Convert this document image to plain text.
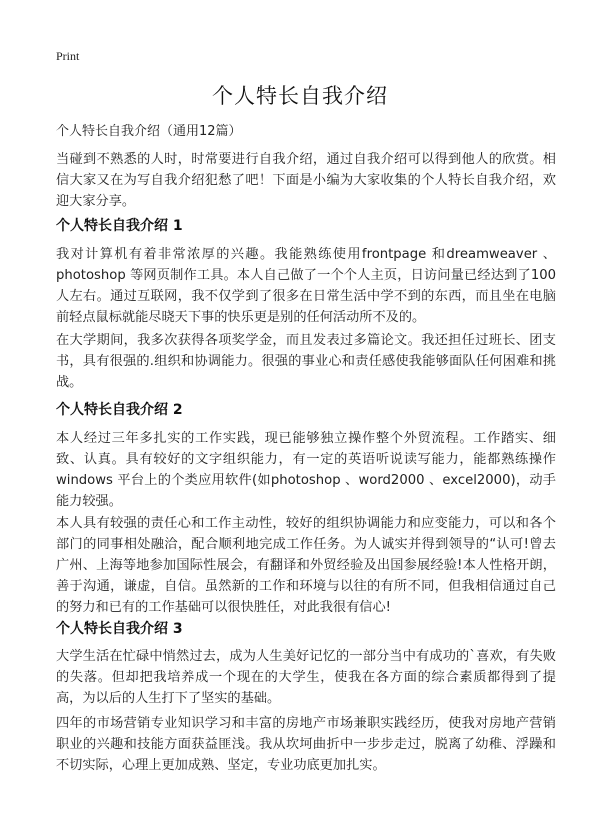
Print
个人特长自我介绍
个人特长自我介绍（通用12篇）

当碰到不熟悉的人时，时常要进行自我介绍，通过自我介绍可以得到他人的欣赏。相信大家又在为写自我介绍犯愁了吧！下面是小编为大家收集的个人特长自我介绍，欢迎大家分享。

个人特长自我介绍 1

我对计算机有着非常浓厚的兴趣。我能熟练使用frontpage 和dreamweaver 、photoshop 等网页制作工具。本人自己做了一个个人主页，日访问量已经达到了100人左右。通过互联网，我不仅学到了很多在日常生活中学不到的东西，而且坐在电脑前轻点鼠标就能尽晓天下事的快乐更是别的任何活动所不及的。

在大学期间，我多次获得各项奖学金，而且发表过多篇论文。我还担任过班长、团支书，具有很强的.组织和协调能力。很强的事业心和责任感使我能够面队任何困难和挑战。

个人特长自我介绍 2

本人经过三年多扎实的工作实践，现已能够独立操作整个外贸流程。工作踏实、细致、认真。具有较好的文字组织能力，有一定的英语听说读写能力，能都熟练操作windows 平台上的个类应用软件(如photoshop 、word2000 、excel2000)，动手能力较强。

本人具有较强的责任心和工作主动性，较好的组织协调能力和应变能力，可以和各个部门的同事相处融洽，配合顺利地完成工作任务。为人诚实并得到领导的“认可!曾去广州、上海等地参加国际性展会，有翻译和外贸经验及出国参展经验!本人性格开朗，善于沟通，谦虚，自信。虽然新的工作和环境与以往的有所不同，但我相信通过自己的努力和已有的工作基础可以很快胜任，对此我很有信心!

个人特长自我介绍 3

大学生活在忙碌中悄然过去，成为人生美好记忆的一部分当中有成功的`喜欢，有失败的失落。但却把我培养成一个现在的大学生，使我在各方面的综合素质都得到了提高，为以后的人生打下了坚实的基础。

四年的市场营销专业知识学习和丰富的房地产市场兼职实践经历，使我对房地产营销职业的兴趣和技能方面获益匪浅。我从坎坷曲折中一步步走过，脱离了幼稚、浮躁和不切实际，心理上更加成熟、坚定，专业功底更加扎实。
